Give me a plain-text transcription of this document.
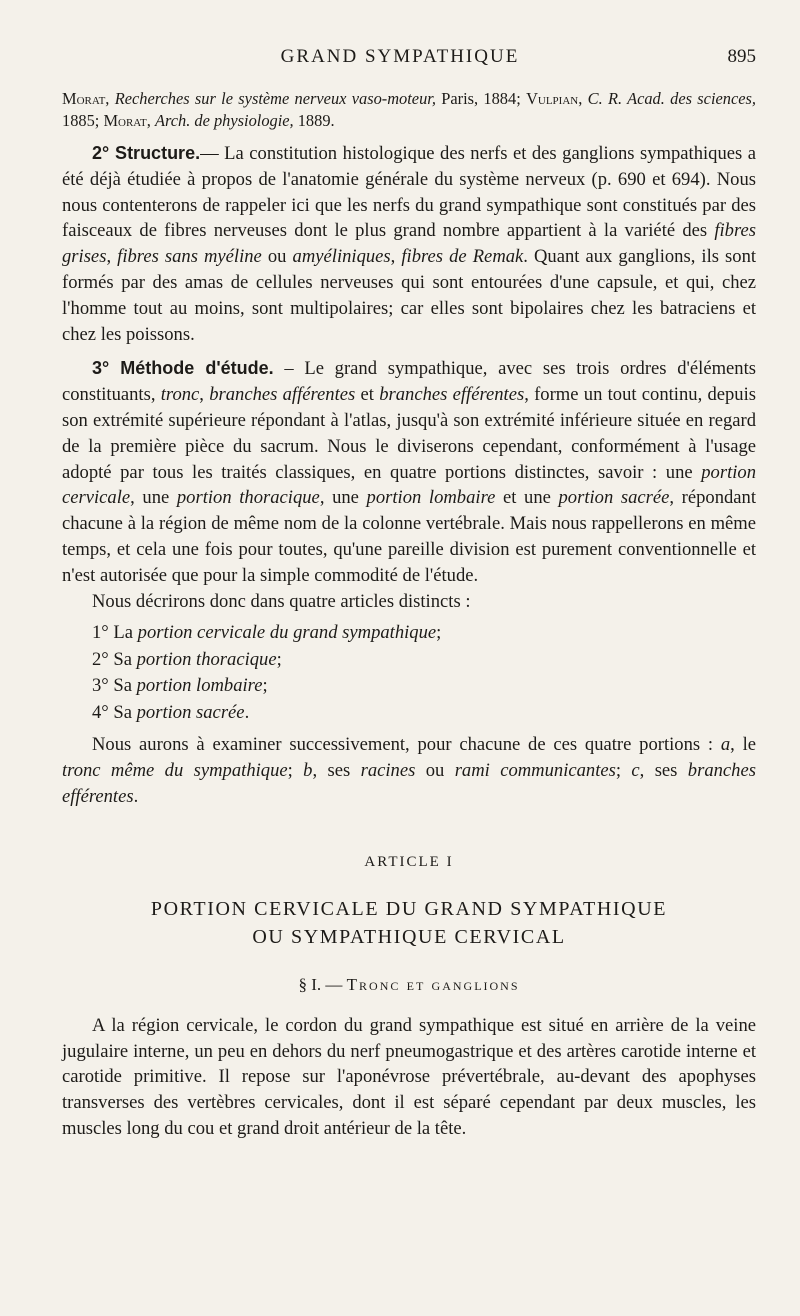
GRAND SYMPATHIQUE	895

Morat, Recherches sur le système nerveux vaso-moteur, Paris, 1884; Vulpian, C. R. Acad. des sciences, 1885; Morat, Arch. de physiologie, 1889.

2° Structure.— La constitution histologique des nerfs et des ganglions sympathiques a été déjà étudiée à propos de l'anatomie générale du système nerveux (p. 690 et 694). Nous nous contenterons de rappeler ici que les nerfs du grand sympathique sont constitués par des faisceaux de fibres nerveuses dont le plus grand nombre appartient à la variété des fibres grises, fibres sans myéline ou amyéliniques, fibres de Remak. Quant aux ganglions, ils sont formés par des amas de cellules nerveuses qui sont entourées d'une capsule, et qui, chez l'homme tout au moins, sont multipolaires; car elles sont bipolaires chez les batraciens et chez les poissons.

3° Méthode d'étude. – Le grand sympathique, avec ses trois ordres d'éléments constituants, tronc, branches afférentes et branches efférentes, forme un tout continu, depuis son extrémité supérieure répondant à l'atlas, jusqu'à son extrémité inférieure située en regard de la première pièce du sacrum. Nous le diviserons cependant, conformément à l'usage adopté par tous les traités classiques, en quatre portions distinctes, savoir : une portion cervicale, une portion thoracique, une portion lombaire et une portion sacrée, répondant chacune à la région de même nom de la colonne vertébrale. Mais nous rappellerons en même temps, et cela une fois pour toutes, qu'une pareille division est purement conventionnelle et n'est autorisée que pour la simple commodité de l'étude.

Nous décrirons donc dans quatre articles distincts :

1° La portion cervicale du grand sympathique;
2° Sa portion thoracique;
3° Sa portion lombaire;
4° Sa portion sacrée.

Nous aurons à examiner successivement, pour chacune de ces quatre portions : a, le tronc même du sympathique; b, ses racines ou rami communicantes; c, ses branches efférentes.

ARTICLE I
PORTION CERVICALE DU GRAND SYMPATHIQUE
OU SYMPATHIQUE CERVICAL
§ I. — Tronc et ganglions

A la région cervicale, le cordon du grand sympathique est situé en arrière de la veine jugulaire interne, un peu en dehors du nerf pneumogastrique et des artères carotide interne et carotide primitive. Il repose sur l'aponévrose prévertébrale, au-devant des apophyses transverses des vertèbres cervicales, dont il est séparé cependant par deux muscles, les muscles long du cou et grand droit antérieur de la tête.
